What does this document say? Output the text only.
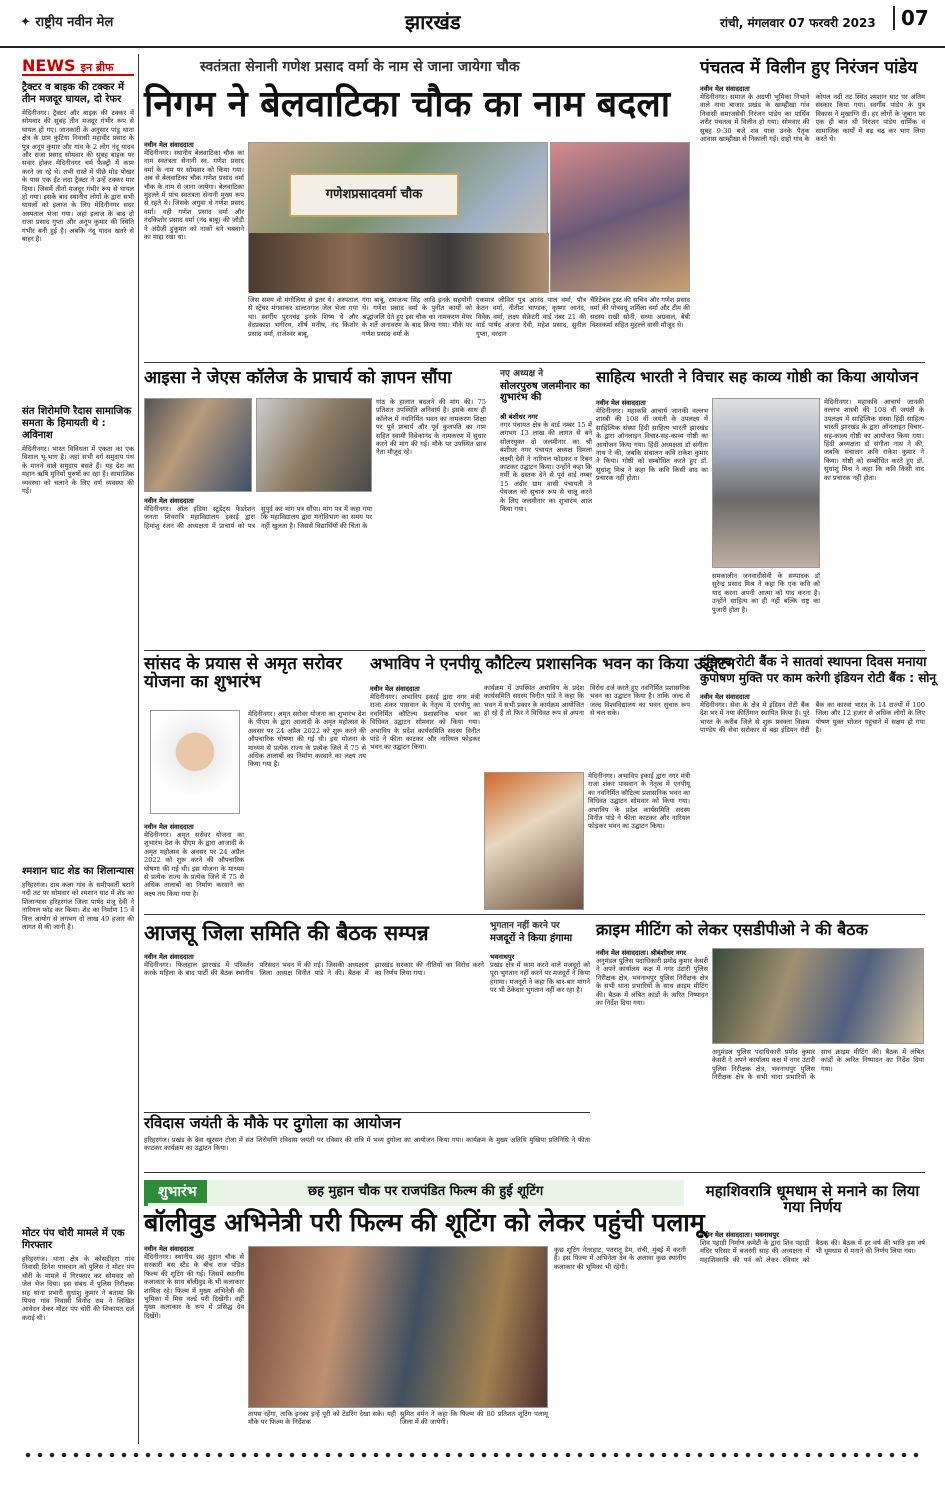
✦ राष्ट्रीय नवीन मेल	झारखंड	रांची, मंगलवार 07 फरवरी 2023	07
NEWS इन ब्रीफ
ट्रैक्टर व बाइक की टक्कर में तीन मजदूर घायल, दो रेफर
मेदिनीनगर। ट्रैक्टर और बाइक की टक्कर में सोमवार की सुबह तीन मजदूर गंभीर रूप से घायल हो गए। जानकारी के अनुसार पांडू थाना क्षेत्र के ग्राम कुटिया निवासी महावीर प्रसाद के पुत्र अनूप कुमार और गांव के 2 लोग नंदू यादव और राजा प्रसाद सोमवार की सुबह बाइक पर सवार होकर मेदिनीनगर चर्म फैक्ट्री में काम करने जा रहे थे। तभी रास्ते में पीछे मोड़ पोखर के पास एक ईंट लदा ट्रैक्टर ने उन्हें टक्कर मार दिया। जिसमें तीनों मजदूर गंभीर रूप से घायल हो गया। इसके बाद स्थानीय लोगों के द्वारा सभी घायलों को इलाज के लिए मेदिनीनगर सदर अस्पताल भेजा गया। जहां इलाज के बाद दो राजा प्रसाद गुप्ता और अनूप कुमार की स्थिति गंभीर बनी हुई है। अबकि नंदू यादव खतरे से बाहर है।
संत शिरोमणि रैदास सामाजिक समता के हिमायती थे : अविनाश
मेदिनीनगर। भारत विविधता में एकता का एक विशाल भू-भाग है। जहां सभी वर्ग समुदाय पंथ के मानने वाले समुदाय बसते हैं। यह देश का महान ऋषि मुनियों पुरुषों का रहा है। सामाजिक व्यवस्था को चलाने के लिए वर्ण व्यवस्था की गई।
श्मशान घाट शेड का शिलान्यास
हरिहरगंज। दाब कला गांव के समीपवर्ती बराने नदी तट पर सोमवार को श्मशान घाट में शेड का शिलान्यास हरिहरगंज जिला पार्षद मंजू देवी ने नारियल फोड़ कर किया। शेड का निर्माण 15 वें वित्त आयोग से लगभग दो लाख 49 हजार की लागत से की जानी है।
मोटर पंप चोरी मामले में एक गिरफ्तार
हरिहरगंज। थाना क्षेत्र के कोसडीहरा गांव निवासी दिनेश पासवान को पुलिस ने मोटर पंप चोरी के मामले में गिरफ्तार कर सोमवार को जेल भेज दिया। इस संबंध में पुलिस निरीक्षक सह थाना प्रभारी सुधांशु कुमार ने बताया कि पिपरा गांव निवासी विनोद राम ने लिखित आवेदन देकर मोटर पंप चोरी की शिकायत दर्ज कराई थी।
स्वतंत्रता सेनानी गणेश प्रसाद वर्मा के नाम से जाना जायेगा चौक
निगम ने बेलवाटिका चौक का नाम बदला
नवीन मेल संवाददाता
मेदिनीनगर। स्थानीय बेलवाटिका चौक का नाम स्वतंत्रता सेनानी स्व. गणेश प्रसाद वर्मा के नाम पर सोमवार को किया गया। अब से बेलवाटिका चौक गणेश प्रसाद वर्मा चौक के नाम से जाना जायेगा। बेलवाटिका मुहल्ले में पांच स्वतंत्रता सेनानी मुख्य रूप से रहते थे। जिसके अगुवा थे गणेश प्रसाद वर्मा। वही गणेश प्रसाद वर्मा और नंदकिशोर प्रसाद वर्मा (नंद बाबू) की जोड़ी ने अंग्रेजी हुकूमत को नाकों चने चबवाने का माद्दा रखा था।
गणेशप्रसादवर्मा चौक
जिस समय वो मंगोलिया से इतर थे। अस्पताल से स्ट्रेचर मंगवाकर डाल्टनगंज जेल भेजा गया था। स्वर्गीय पुरनचंद्र इनके शिष्य थे और वेदप्रकाश भगीरथ, शीर्ष मनीष, नंद किशोर प्रसाद वर्मा, राजेश्वर बाबू,
गंगा बाबू, रामजन्म सिंह आदि इनके सहयोगी थे। गणेश प्रसाद वर्मा के पुनीत कार्यों को श्रद्धांजलि देते हुए इस चौक का नामकरण मेयर के शर्ते अनावरण के बाद किया गया। मौके पर गणेश प्रसाद वर्मा के
एकमात्र जीवित पुत्र आनंद पाल वर्मा, पौत्र केतन वर्मा, नीतीश चाण्डक, कृष्णा आनंद, विवेक वर्मा, लक्ष्य सेक्रेटरी वार्ड नंबर 21 की वार्ड पार्षद अंजना देवी, महेश प्रसाद, सुनील गुप्ता, वरदान
चैरिटेबल ट्रस्ट की सचिव और गणेश प्रसाद वर्मा की पोत्रवधू शर्मिला वर्मा और टीम की सदस्य राखी सोनी, सध्या अग्रवाल, बेबी विश्वकर्मा सहित मुहल्ले वासी मौजूद थे।
पंचतत्व में विलीन हुए निरंजन पांडेय
नवीन मेल संवाददाता
मेदिनीनगर। समाज के अग्रणी भूमिका निभाने वाले नावा बाजार प्रखंड के खाम्हीखा गांव निवासी समाजसेवी निरंजन पांडेय का पार्थिव शरीर पंचतत्व में विलीन हो गया। सोमवार की सुबह 9:30 बजे शव यात्रा उनके पैतृक आवास खाम्हीखा से निकाली गई। दाहो गांव के कोयल नदी तट स्थित श्मशान घाट पर अंतिम संस्कार किया गया। स्वर्गीय पांडेय के पुत्र विकास ने मुखाग्नि दी। हर लोगों के जुबान पर एक ही बात थी निरंजन पांडेय धार्मिक व सामाजिक कार्यों में बढ़ चढ़ कर भाग लिया करते थे।
आइसा ने जेएस कॉलेज के प्राचार्य को ज्ञापन सौंपा
नवीन मेल संवाददाता
मेदिनीनगर। ऑल इंडिया स्टूडेंट्स फेडरेशन जनता शिवरात्रि महाविद्यालय इकाई द्वारा हिमांशु रंजन की अध्यक्षता में प्राचार्य को पत्र सुपुर्द कर मांग पत्र सौंपा। मांग पत्र में कहा गया कि महाविद्यालय द्वारा मनोविभाग का समय पर नहीं खुलता है। जिससे विद्यार्थियों की चिंता के
गांठ के हालात बदलने की मांग की। 75 प्रतिशत उपस्थिति अनिवार्य है। इसके साथ ही कॉलेज में नवनिर्मित भवन का नामकरण शिक्षा पर पूर्व प्राचार्य और पूर्व कुलपति का नाम सहित स्वामी विवेकानंद के नामकरण में सुधार करने की मांग की गई। मौके पर उपस्थित छात्र नेता मौजूद रहे।
नए अध्यक्ष ने
सोलरपुरुष जलमीनार का शुभारंभ की
श्री बंशीधर नगर
नगर पंचायत क्षेत्र के वार्ड नम्बर 15 में लगभग 13 लाख की लागत से बने सोलरयुक्त दो जलमीनार का श्री बंशीधर नगर पंचायत अध्यक्ष विमला लक्ष्मी देवी ने नारियल फोड़कर व रिबन काटकर उद्घाटन किया। उन्होंने कहा कि गर्मी के दस्तक देने से पूर्व वार्ड नम्बर 15 अंदीर ग्राम वासी पंचायती ने पेयजल को सुचारु रूप से चालू करने के लिए जलमीनार का शुभारंभ आज किया गया।
साहित्य भारती ने विचार सह काव्य गोष्ठी का किया आयोजन
नवीन मेल संवाददाता
मेदिनीनगर। महाकवि आचार्य जानकी वल्लभ शास्त्री की 108 वीं जयंती के उपलक्ष्य में साहित्यिक संस्था हिंदी साहित्य भारती झारखंड के द्वारा ऑनलाइन विचार-सह-काव्य गोष्ठी का आयोजन किया गया। हिंदी अध्यक्षता डॉ संगीता नाथ ने की, जबकि संचालन कवि राकेश कुमार ने किया। गोष्ठी को सम्बोधित करते हुए डॉ. सुधांशु मिश्र ने कहा कि कवि किसी वाद का प्रचारक नहीं होता।
समकालीन जनवादीसेवी के सम्पादक डॉ सुरेन्द्र प्रसाद मिश्र ने कहा कि एक कवि को याद करना अपनी आत्मा को याद करना है। उन्होंने साहित्य का ही नहीं बल्कि राष्ट्र का पुजारी होता है।
मेदिनीनगर। महाकवि आचार्य जानकी वल्लभ शास्त्री की 108 वीं जयंती के उपलक्ष्य में साहित्यिक संस्था हिंदी साहित्य भारती झारखंड के द्वारा ऑनलाइन विचार-सह-काव्य गोष्ठी का आयोजन किया गया। हिंदी अध्यक्षता डॉ संगीता नाथ ने की, जबकि संचालन कवि राकेश कुमार ने किया। गोष्ठी को सम्बोधित करते हुए डॉ. सुधांशु मिश्र ने कहा कि कवि किसी वाद का प्रचारक नहीं होता।
सांसद के प्रयास से अमृत सरोवर योजना का शुभारंभ
नवीन मेल संवाददाता
मेदिनीनगर। अमृत सरोवर योजना का शुभारंभ देश के पीएम के द्वारा आजादी के अमृत महोत्सव के अवसर पर 24 अप्रैल 2022 को शुरू करने की औपचारिक घोषणा की गई थी। इस योजना के माध्यम से प्रत्येक राज्य के प्रत्येक जिले में 75 से अधिक तालाबों का निर्माण करवाने का लक्ष्य तय किया गया है।
मेदिनीनगर। अमृत सरोवर योजना का शुभारंभ देश के पीएम के द्वारा आजादी के अमृत महोत्सव के अवसर पर 24 अप्रैल 2022 को शुरू करने की औपचारिक घोषणा की गई थी। इस योजना के माध्यम से प्रत्येक राज्य के प्रत्येक जिले में 75 से अधिक तालाबों का निर्माण करवाने का लक्ष्य तय किया गया है।
अभाविप ने एनपीयू कौटिल्य प्रशासनिक भवन का किया उद्घाटन
नवीन मेल संवाददाता
मेदिनीनगर। अभाविप इकाई द्वारा नगर मंत्री राजा शंकर पासवान के नेतृत्व में एनपीयू का नवनिर्मित कौटिल्य प्रशासनिक भवन का विधिवत उद्घाटन सोमवार को किया गया। अभाविप के प्रदेश कार्यसमिति सदस्य विनीत पांडे ने फीता काटकर और नारियल फोड़कर भवन का उद्घाटन किया।
कार्यक्रम में उपस्थित अभाविप के प्रदेश कार्यसमिति सदस्य विनीत पांडे ने कहा कि भवन में सभी प्रकार के कार्यक्रम आयोजित हो रहे हैं तो फिर ने विधिवत रूप से अपना विरोध दर्ज करते हुए नवनिर्मित प्रशासनिक भवन का उद्घाटन किया है। ताकि जल्द से जल्द विश्वविद्यालय का भवन सुचारु रूप से चल सके।
मेदिनीनगर। अभाविप इकाई द्वारा नगर मंत्री राजा शंकर पासवान के नेतृत्व में एनपीयू का नवनिर्मित कौटिल्य प्रशासनिक भवन का विधिवत उद्घाटन सोमवार को किया गया। अभाविप के प्रदेश कार्यसमिति सदस्य विनीत पांडे ने फीता काटकर और नारियल फोड़कर भवन का उद्घाटन किया।
इंडियन रोटी बैंक ने सातवां स्थापना दिवस मनाया
कुपोषण मुक्ति पर काम करेगी इंडियन रोटी बैंक : सोनू
नवीन मेल संवाददाता
मेदिनीनगर। सेवा के क्षेत्र में इंडियन रोटी बैंक देश भर में नया कीर्तिमान स्थापित किया है। पूरे भारत के करीब जिले से शुरू प्रवक्ता विक्रम पाण्डेय की सेवा सरोकार से बढ़ा इंडियन रोटी बैंक का कारवां भारत के 14 राज्यों में 100 जिला और 12 हजार से अधिक लोगों के लिए पोषण युक्त भोजन पहुंचाने में सक्षम हो गया है।
आजसू जिला समिति की बैठक सम्पन्न
नवीन मेल संवाददाता
मेदिनीनगर। फिलहाल झारखंड में परिवर्तन करके महिला के बाद पार्टी की बैठक स्थानीय परिसदन भवन में की गई। जिसकी अध्यक्षता जिला अध्यक्ष विनीत पांडे ने की। बैठक में झारखंड सरकार की नीतियों का विरोध करने का निर्णय लिया गया।
भुगतान नहीं करने पर
मजदूरों ने किया हंगामा
भवनाथपुर
प्रखंड क्षेत्र में काम करने वाले मजदूरों को पूरा भुगतान नहीं करने पर मजदूरों ने किया हंगामा। मजदूरों ने कहा कि बार-बार मांगने पर भी ठेकेदार भुगतान नहीं कर रहा है।
क्राइम मीटिंग को लेकर एसडीपीओ ने की बैठक
नवीन मेल संवाददाता। श्रीबंशीधर नगर
अनुमंडल पुलिस पदाधिकारी प्रमोद कुमार केसरी ने अपने कार्यालय कक्ष में नगर उंटारी पुलिस निरीक्षक क्षेत्र, भवनाथपुर पुलिस निरीक्षक क्षेत्र के सभी थाना प्रभारियों के साथ क्राइम मीटिंग की। बैठक में लंबित कांडों के त्वरित निष्पादन का निर्देश दिया गया।
अनुमंडल पुलिस पदाधिकारी प्रमोद कुमार केसरी ने अपने कार्यालय कक्ष में नगर उंटारी पुलिस निरीक्षक क्षेत्र, भवनाथपुर पुलिस निरीक्षक क्षेत्र के सभी थाना प्रभारियों के साथ क्राइम मीटिंग की। बैठक में लंबित कांडों के त्वरित निष्पादन का निर्देश दिया गया।
रविदास जयंती के मौके पर दुगोला का आयोजन
हरिहरगंज। प्रखंड के देवा खुरसन टोला में संत शिरोमणि रविदास जयंती पर रविवार की रात्रि में भव्य दुगोला का आयोजन किया गया। कार्यक्रम के मुख्य अतिथि मुखिया प्रतिनिधि ने फीता काटकर कार्यक्रम का उद्घाटन किया।
शुभारंभ	छह मुहान चौक पर राजपंडित फिल्म की हुई शूटिंग
बॉलीवुड अभिनेत्री परी फिल्म की शूटिंग को लेकर पहुंची पलामू
नवीन मेल संवाददाता
मेदिनीनगर। स्थानीय छह मुहान चौक से सरकारी बस स्टैंड के बीच राज पंडित फिल्म की शूटिंग की गई। जिसमें स्थानीय कलाकार के साथ बॉलीवुड के भी कलाकार शामिल रहे। फिल्म में मुख्य अभिनेत्री की भूमिका में मिस वर्ल्ड परी दिखेंगी। वहीं मुख्य कलाकार के रूप में प्रसिद्ध देव दिखेंगे।
तापस रहेंगा, ताकि इनका इन्हें पूरी को टेंडरिंग देखा सके। यही मौके पर फिल्म के निर्देशक
सुमित वर्मन ने कहा कि फिल्म की 80 प्रतिशत शूटिंग पलामू जिला में की जायेगी।
कुछ शूटिंग नेतरहाट, पतरातू डैम, रांची, मुंबई में करनी है। इस फिल्म में अभिनेता देव के अलावा कुछ स्थानीय कलाकार की भूमिका भी रहेगी।
महाशिवरात्रि धूमधाम से मनाने का लिया गया निर्णय
नवीन मेल संवाददाता। भवनाथपुर
शिव पहाड़ी निर्माण कमेटी के द्वारा शिव पहाड़ी मंदिर परिसर में बजरंगी साह की अध्यक्षता में महाशिवरात्रि की पर्व को लेकर रविवार को बैठक की। बैठक में हर वर्ष की भांति इस वर्ष भी धूमधाम से मनाने की निर्णय लिया गया।
